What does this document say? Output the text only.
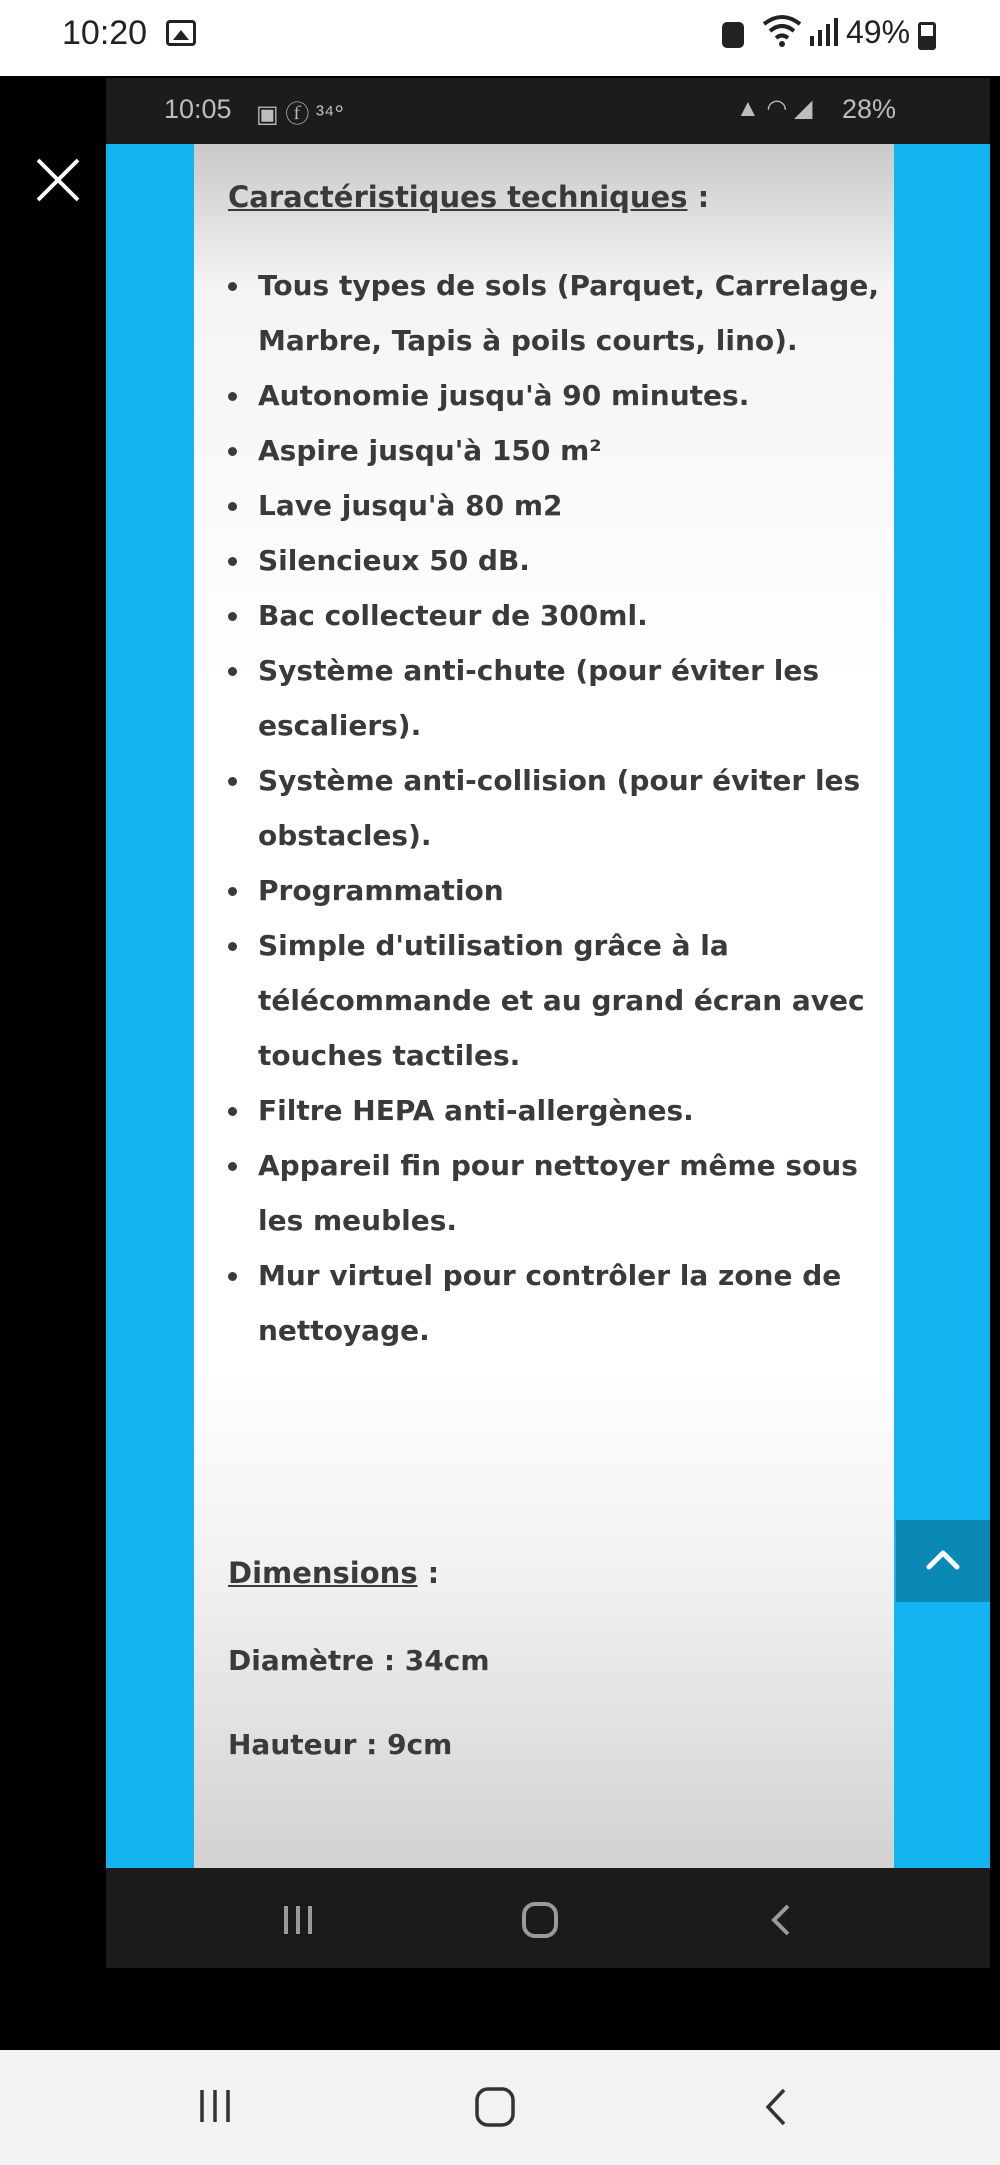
10:20	49%
10:05 ▣ ⓕ ³⁴°	▲ ◠ ◢ 28%
Caractéristiques techniques :
• Tous types de sols (Parquet, Carrelage, Marbre, Tapis à poils courts, lino).
• Autonomie jusqu'à 90 minutes.
• Aspire jusqu'à 150 m²
• Lave jusqu'à 80 m2
• Silencieux 50 dB.
• Bac collecteur de 300ml.
• Système anti-chute (pour éviter les escaliers).
• Système anti-collision (pour éviter les obstacles).
• Programmation
• Simple d'utilisation grâce à la télécommande et au grand écran avec touches tactiles.
• Filtre HEPA anti-allergènes.
• Appareil fin pour nettoyer même sous les meubles.
• Mur virtuel pour contrôler la zone de nettoyage.
Dimensions :
Diamètre : 34cm
Hauteur : 9cm
